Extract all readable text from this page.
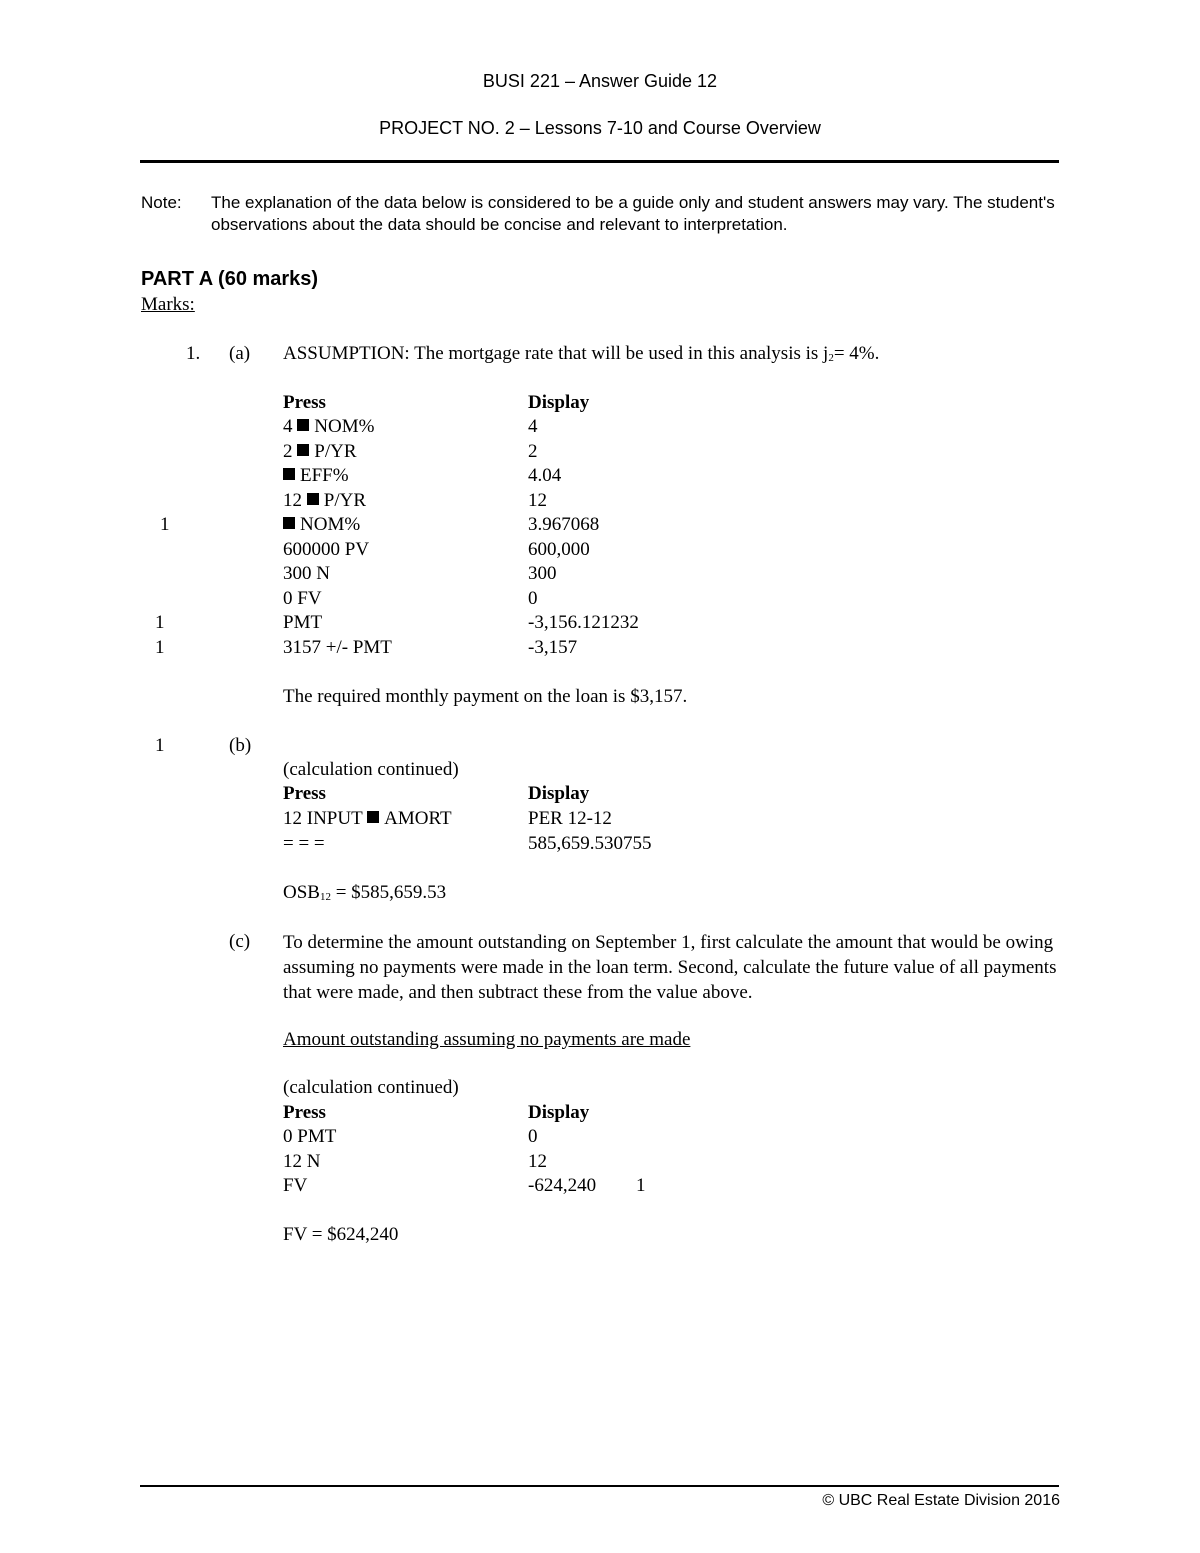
BUSI 221 – Answer Guide 12
PROJECT NO. 2 – Lessons 7-10 and Course Overview
Note: The explanation of the data below is considered to be a guide only and student answers may vary. The student's observations about the data should be concise and relevant to interpretation.
PART A (60 marks)
Marks:
1. (a) ASSUMPTION: The mortgage rate that will be used in this analysis is j2= 4%.
Press	Display
4 NOM%	4
2 P/YR	2
EFF%	4.04
12 P/YR	12
1	NOM%	3.967068
600000 PV	600,000
300 N	300
0 FV	0
1	PMT	-3,156.121232
1	3157 +/- PMT	-3,157
The required monthly payment on the loan is $3,157.
1	(b)
(calculation continued)
Press	Display
12 INPUT AMORT	PER 12-12
= = =	585,659.530755
OSB12 = $585,659.53
(c) To determine the amount outstanding on September 1, first calculate the amount that would be owing assuming no payments were made in the loan term. Second, calculate the future value of all payments that were made, and then subtract these from the value above.
Amount outstanding assuming no payments are made
(calculation continued)
Press	Display
0 PMT	0
12 N	12
FV	-624,240 1
FV = $624,240
© UBC Real Estate Division 2016
